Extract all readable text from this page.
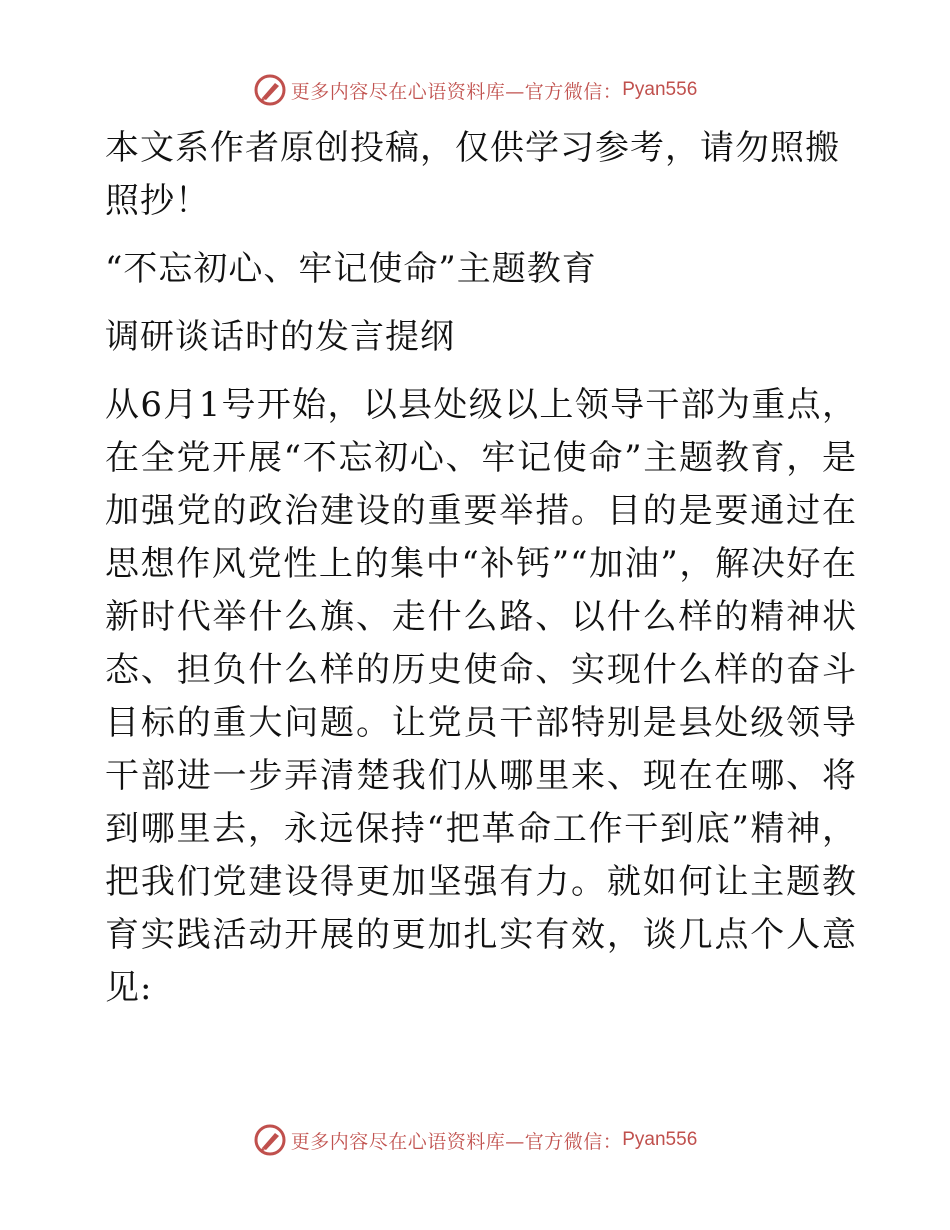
更多内容尽在心语资料库—官方微信： Pyan556

本文系作者原创投稿，仅供学习参考，请勿照搬照抄！

“不忘初心、牢记使命”主题教育

调研谈话时的发言提纲

从6月1号开始，以县处级以上领导干部为重点，在全党开展“不忘初心、牢记使命”主题教育，是加强党的政治建设的重要举措。目的是要通过在思想作风党性上的集中“补钙”“加油”，解决好在新时代举什么旗、走什么路、以什么样的精神状态、担负什么样的历史使命、实现什么样的奋斗目标的重大问题。让党员干部特别是县处级领导干部进一步弄清楚我们从哪里来、现在在哪、将到哪里去，永远保持“把革命工作干到底”精神，把我们党建设得更加坚强有力。就如何让主题教育实践活动开展的更加扎实有效，谈几点个人意见:

更多内容尽在心语资料库—官方微信： Pyan556
